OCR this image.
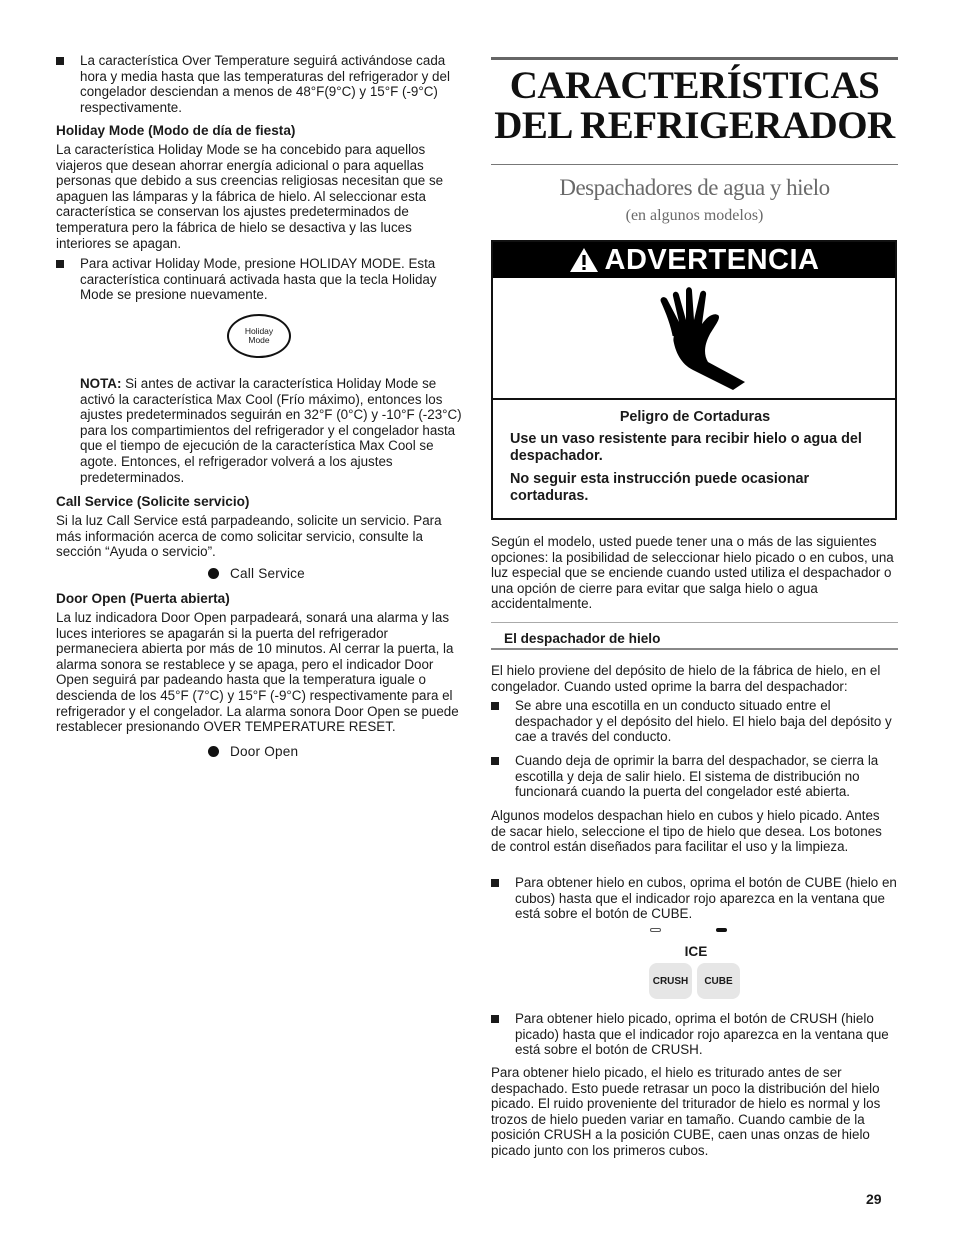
La característica Over Temperature seguirá activándose cada hora y media hasta que las temperaturas del refrigerador y del congelador desciendan a menos de 48°F(9°C) y 15°F (-9°C) respectivamente.
Holiday Mode (Modo de día de fiesta)

La característica Holiday Mode se ha concebido para aquellos viajeros que desean ahorrar energía adicional o para aquellas personas que debido a sus creencias religiosas necesitan que se apaguen las lámparas y la fábrica de hielo. Al seleccionar esta característica se conservan los ajustes predeterminados de temperatura pero la fábrica de hielo se desactiva y las luces interiores se apagan.

Para activar Holiday Mode, presione HOLIDAY MODE. Esta característica continuará activada hasta que la tecla Holiday Mode se presione nuevamente.
Holiday
Mode

NOTA: Si antes de activar la característica Holiday Mode se activó la característica Max Cool (Frío máximo), entonces los ajustes predeterminados seguirán en 32°F (0°C) y -10°F (-23°C) para los compartimientos del refrigerador y el congelador hasta que el tiempo de ejecución de la característica Max Cool se agote. Entonces, el refrigerador volverá a los ajustes predeterminados.

Call Service (Solicite servicio)

Si la luz Call Service está parpadeando, solicite un servicio. Para más información acerca de como solicitar servicio, consulte la sección “Ayuda o servicio”.

Call Service
Door Open (Puerta abierta)

La luz indicadora Door Open parpadeará, sonará una alarma y las luces interiores se apagarán si la puerta del refrigerador permaneciera abierta por más de 10 minutos. Al cerrar la puerta, la alarma sonora se restablece y se apaga, pero el indicador Door Open seguirá par padeando hasta que la temperatura iguale o descienda de los 45°F (7°C) y 15°F (-9°C) respectivamente para el refrigerador y el congelador. La alarma sonora Door Open se puede restablecer presionando OVER TEMPERATURE RESET.

Door Open
CARACTERÍSTICAS
DEL REFRIGERADOR
Despachadores de agua y hielo
(en algunos modelos)
ADVERTENCIA

Peligro de Cortaduras

Use un vaso resistente para recibir hielo o agua del despachador.

No seguir esta instrucción puede ocasionar cortaduras.

Según el modelo, usted puede tener una o más de las siguientes opciones: la posibilidad de seleccionar hielo picado o en cubos, una luz especial que se enciende cuando usted utiliza el despachador o una opción de cierre para evitar que salga hielo o agua accidentalmente.

El despachador de hielo

El hielo proviene del depósito de hielo de la fábrica de hielo, en el congelador. Cuando usted oprime la barra del despachador:

Se abre una escotilla en un conducto situado entre el despachador y el depósito del hielo. El hielo baja del depósito y cae a través del conducto.
Cuando deja de oprimir la barra del despachador, se cierra la escotilla y deja de salir hielo. El sistema de distribución no funcionará cuando la puerta del congelador esté abierta.

Algunos modelos despachan hielo en cubos y hielo picado. Antes de sacar hielo, seleccione el tipo de hielo que desea. Los botones de control están diseñados para facilitar el uso y la limpieza.

Para obtener hielo en cubos, oprima el botón de CUBE (hielo en cubos) hasta que el indicador rojo aparezca en la ventana que está sobre el botón de CUBE.
ICE
CRUSH	CUBE
Para obtener hielo picado, oprima el botón de CRUSH (hielo picado) hasta que el indicador rojo aparezca en la ventana que está sobre el botón de CRUSH.

Para obtener hielo picado, el hielo es triturado antes de ser despachado. Esto puede retrasar un poco la distribución del hielo picado. El ruido proveniente del triturador de hielo es normal y los trozos de hielo pueden variar en tamaño. Cuando cambie de la posición CRUSH a la posición CUBE, caen unas onzas de hielo picado junto con los primeros cubos.

29
